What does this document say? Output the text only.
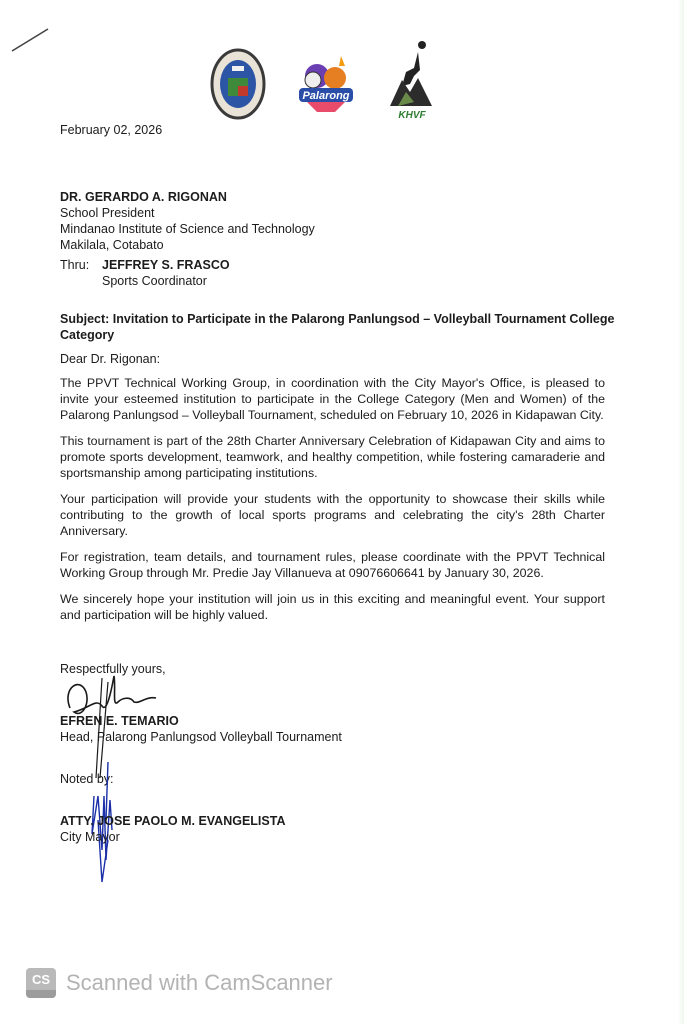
Palarong
KHVF
February 02, 2026
DR. GERARDO A. RIGONAN
School President
Mindanao Institute of Science and Technology
Makilala, Cotabato
Thru: JEFFREY S. FRASCO
Sports Coordinator
Subject: Invitation to Participate in the Palarong Panlungsod – Volleyball Tournament College
Category
Dear Dr. Rigonan:
The PPVT Technical Working Group, in coordination with the City Mayor's Office, is pleased to invite your esteemed institution to participate in the College Category (Men and Women) of the Palarong Panlungsod – Volleyball Tournament, scheduled on February 10, 2026 in Kidapawan City.
This tournament is part of the 28th Charter Anniversary Celebration of Kidapawan City and aims to promote sports development, teamwork, and healthy competition, while fostering camaraderie and sportsmanship among participating institutions.
Your participation will provide your students with the opportunity to showcase their skills while contributing to the growth of local sports programs and celebrating the city's 28th Charter Anniversary.
For registration, team details, and tournament rules, please coordinate with the PPVT Technical Working Group through Mr. Predie Jay Villanueva at 09076606641 by January 30, 2026.
We sincerely hope your institution will join us in this exciting and meaningful event. Your support and participation will be highly valued.
Respectfully yours,
EFREN E. TEMARIO
Head, Palarong Panlungsod Volleyball Tournament
Noted by:
ATTY. JOSE PAOLO M. EVANGELISTA
City Mayor
CS Scanned with CamScanner
